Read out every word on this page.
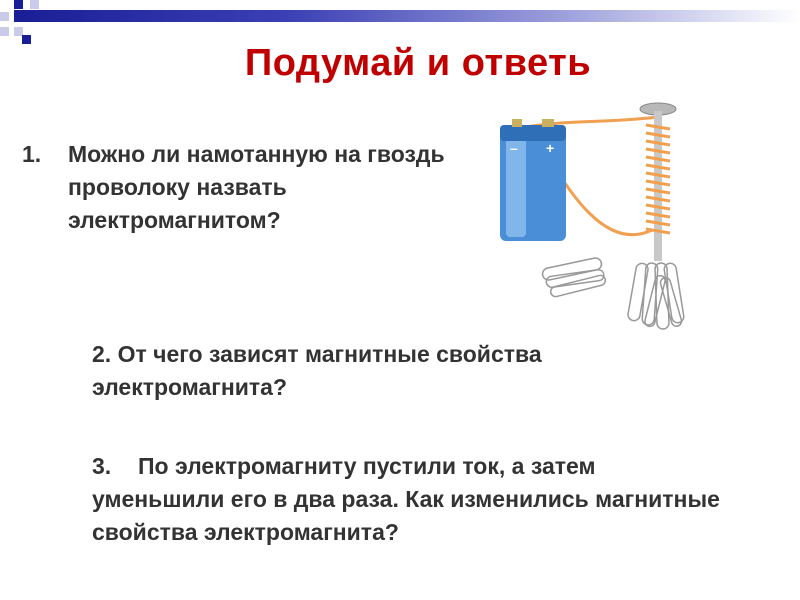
Подумай и ответь
1. Можно ли намотанную на гвоздь проволоку назвать электромагнитом?
– +
2. От чего зависят магнитные свойства электромагнита?
3. По электромагниту пустили ток, а затем уменьшили его в два раза. Как изменились магнитные свойства электромагнита?
